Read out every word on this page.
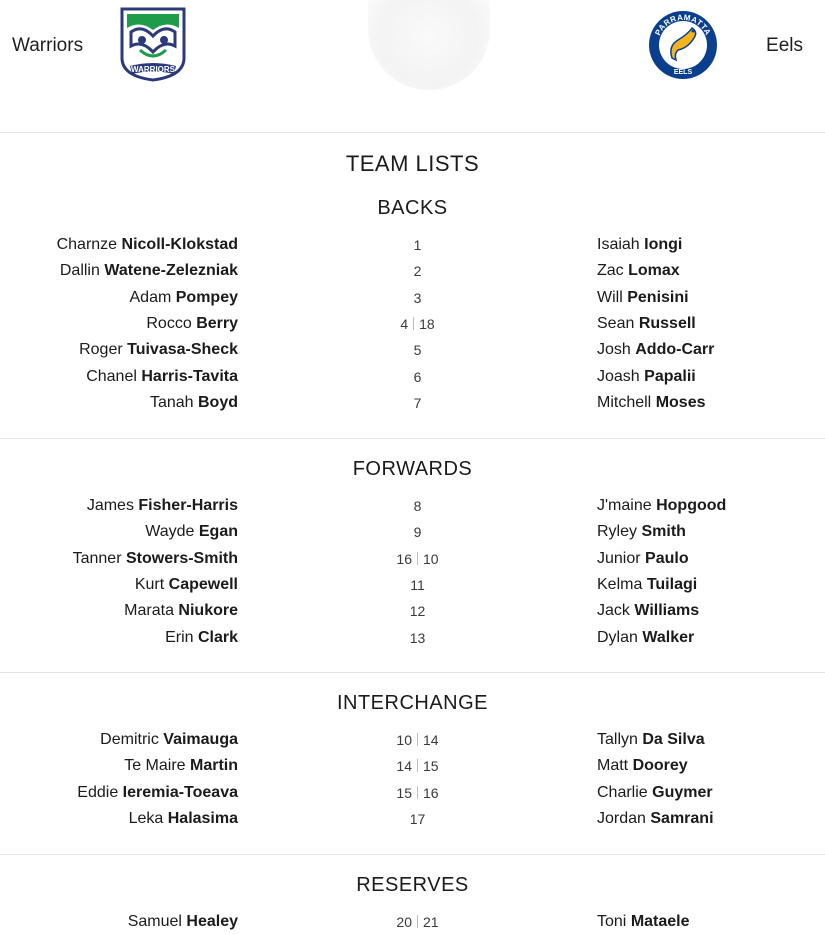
Warriors
WARRIORS
PARRAMATTA
19	47
EELS
Eels
TEAM LISTS
BACKS
Charnze Nicoll-Klokstad	1	Isaiah Iongi
Dallin Watene-Zelezniak	2	Zac Lomax
Adam Pompey	3	Will Penisini
Rocco Berry	4 18	Sean Russell
Roger Tuivasa-Sheck	5	Josh Addo-Carr
Chanel Harris-Tavita	6	Joash Papalii
Tanah Boyd	7	Mitchell Moses
FORWARDS
James Fisher-Harris	8	J'maine Hopgood
Wayde Egan	9	Ryley Smith
Tanner Stowers-Smith	16 10	Junior Paulo
Kurt Capewell	11	Kelma Tuilagi
Marata Niukore	12	Jack Williams
Erin Clark	13	Dylan Walker
INTERCHANGE
Demitric Vaimauga	10 14	Tallyn Da Silva
Te Maire Martin	14 15	Matt Doorey
Eddie Ieremia-Toeava	15 16	Charlie Guymer
Leka Halasima	17	Jordan Samrani
RESERVES
Samuel Healey	20 21	Toni Mataele
